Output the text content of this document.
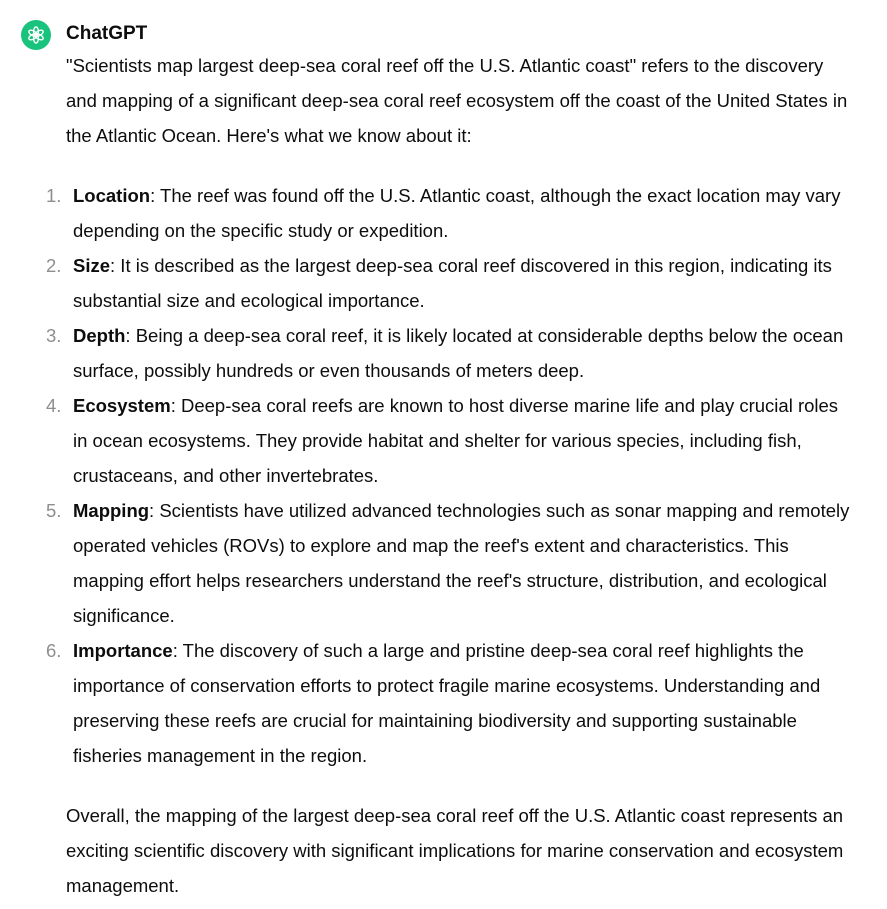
ChatGPT

"Scientists map largest deep-sea coral reef off the U.S. Atlantic coast" refers to the discovery and mapping of a significant deep-sea coral reef ecosystem off the coast of the United States in the Atlantic Ocean. Here's what we know about it:

1. Location: The reef was found off the U.S. Atlantic coast, although the exact location may vary depending on the specific study or expedition.
2. Size: It is described as the largest deep-sea coral reef discovered in this region, indicating its substantial size and ecological importance.
3. Depth: Being a deep-sea coral reef, it is likely located at considerable depths below the ocean surface, possibly hundreds or even thousands of meters deep.
4. Ecosystem: Deep-sea coral reefs are known to host diverse marine life and play crucial roles in ocean ecosystems. They provide habitat and shelter for various species, including fish, crustaceans, and other invertebrates.
5. Mapping: Scientists have utilized advanced technologies such as sonar mapping and remotely operated vehicles (ROVs) to explore and map the reef's extent and characteristics. This mapping effort helps researchers understand the reef's structure, distribution, and ecological significance.
6. Importance: The discovery of such a large and pristine deep-sea coral reef highlights the importance of conservation efforts to protect fragile marine ecosystems. Understanding and preserving these reefs are crucial for maintaining biodiversity and supporting sustainable fisheries management in the region.

Overall, the mapping of the largest deep-sea coral reef off the U.S. Atlantic coast represents an exciting scientific discovery with significant implications for marine conservation and ecosystem management.
